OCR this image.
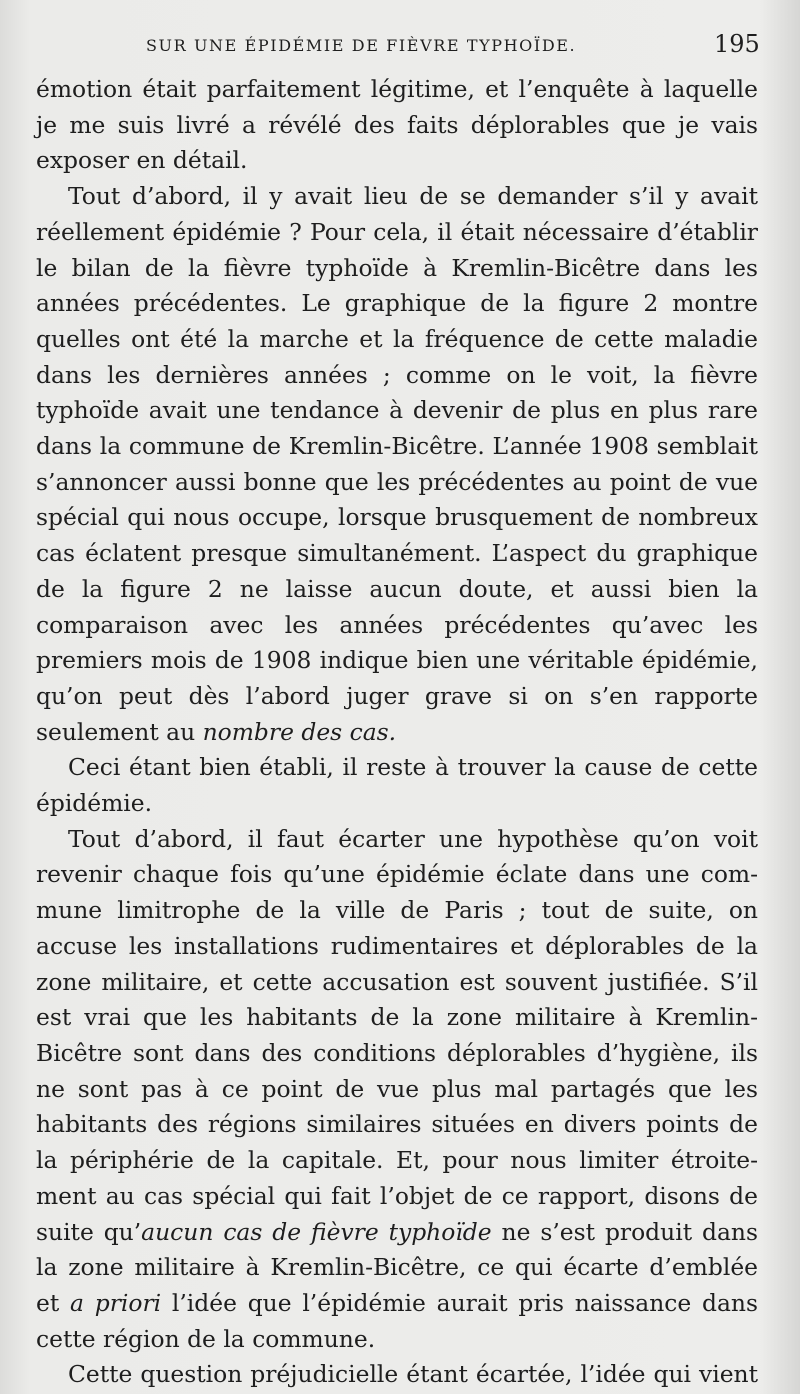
SUR UNE ÉPIDÉMIE DE FIÈVRE TYPHOÏDE.	195

émotion était parfaitement légitime, et l’enquête à laquelle je me suis livré a révélé des faits déplorables que je vais exposer en détail.

Tout d’abord, il y avait lieu de se demander s’il y avait réellement épidémie ? Pour cela, il était nécessaire d’établir le bilan de la fièvre typhoïde à Kremlin-Bicêtre dans les années précédentes. Le graphique de la figure 2 montre quelles ont été la marche et la fréquence de cette maladie dans les dernières années ; comme on le voit, la fièvre typhoïde avait une tendance à devenir de plus en plus rare dans la commune de Kremlin-Bicêtre. L’année 1908 semblait s’annoncer aussi bonne que les précédentes au point de vue spécial qui nous occupe, lorsque brusquement de nombreux cas éclatent presque simultanément. L’aspect du graphique de la figure 2 ne laisse aucun doute, et aussi bien la comparaison avec les années précédentes qu’avec les premiers mois de 1908 indique bien une véritable épidémie, qu’on peut dès l’abord juger grave si on s’en rapporte seulement au nombre des cas.

Ceci étant bien établi, il reste à trouver la cause de cette épidémie.

Tout d’abord, il faut écarter une hypothèse qu’on voit revenir chaque fois qu’une épidémie éclate dans une commune limitrophe de la ville de Paris ; tout de suite, on accuse les installations rudimentaires et déplorables de la zone militaire, et cette accusation est souvent justifiée. S’il est vrai que les habitants de la zone militaire à Kremlin-Bicêtre sont dans des conditions déplorables d’hygiène, ils ne sont pas à ce point de vue plus mal partagés que les habitants des régions similaires situées en divers points de la périphérie de la capitale. Et, pour nous limiter étroitement au cas spécial qui fait l’objet de ce rapport, disons de suite qu’aucun cas de fièvre typhoïde ne s’est produit dans la zone militaire à Kremlin-Bicêtre, ce qui écarte d’emblée et a priori l’idée que l’épidémie aurait pris naissance dans cette région de la commune.

Cette question préjudicielle étant écartée, l’idée qui vient
